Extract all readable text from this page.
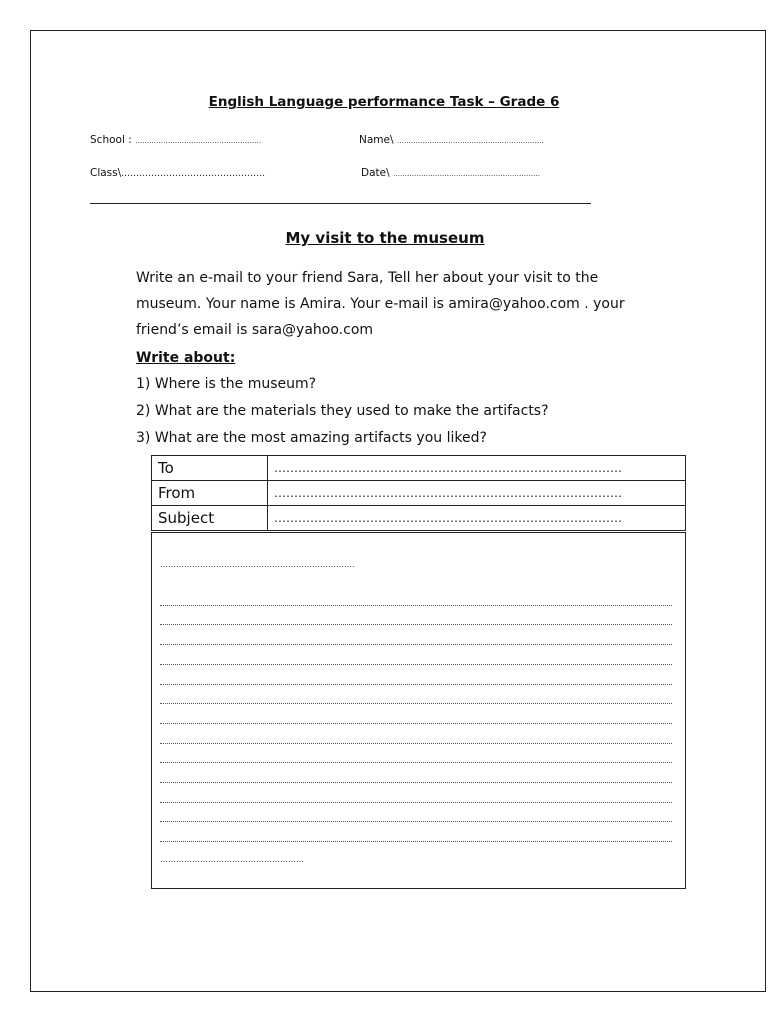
English Language performance Task – Grade 6
School : ………………………………………………	Name\ ………………………………………………………
Class\…………………………………………	Date\ ………………………………………………………
My visit to the museum
Write an e-mail to your friend Sara, Tell her about your visit to the
museum. Your name is Amira. Your e-mail is amira@yahoo.com . your
friend’s email is sara@yahoo.com
Write about:
1) Where is the museum?
2) What are the materials they used to make the artifacts?
3) What are the most amazing artifacts you liked?
To	……………………………………………………………………………
From	……………………………………………………………………………
Subject	……………………………………………………………………………
……………………………………………………………….
………………………………………………
